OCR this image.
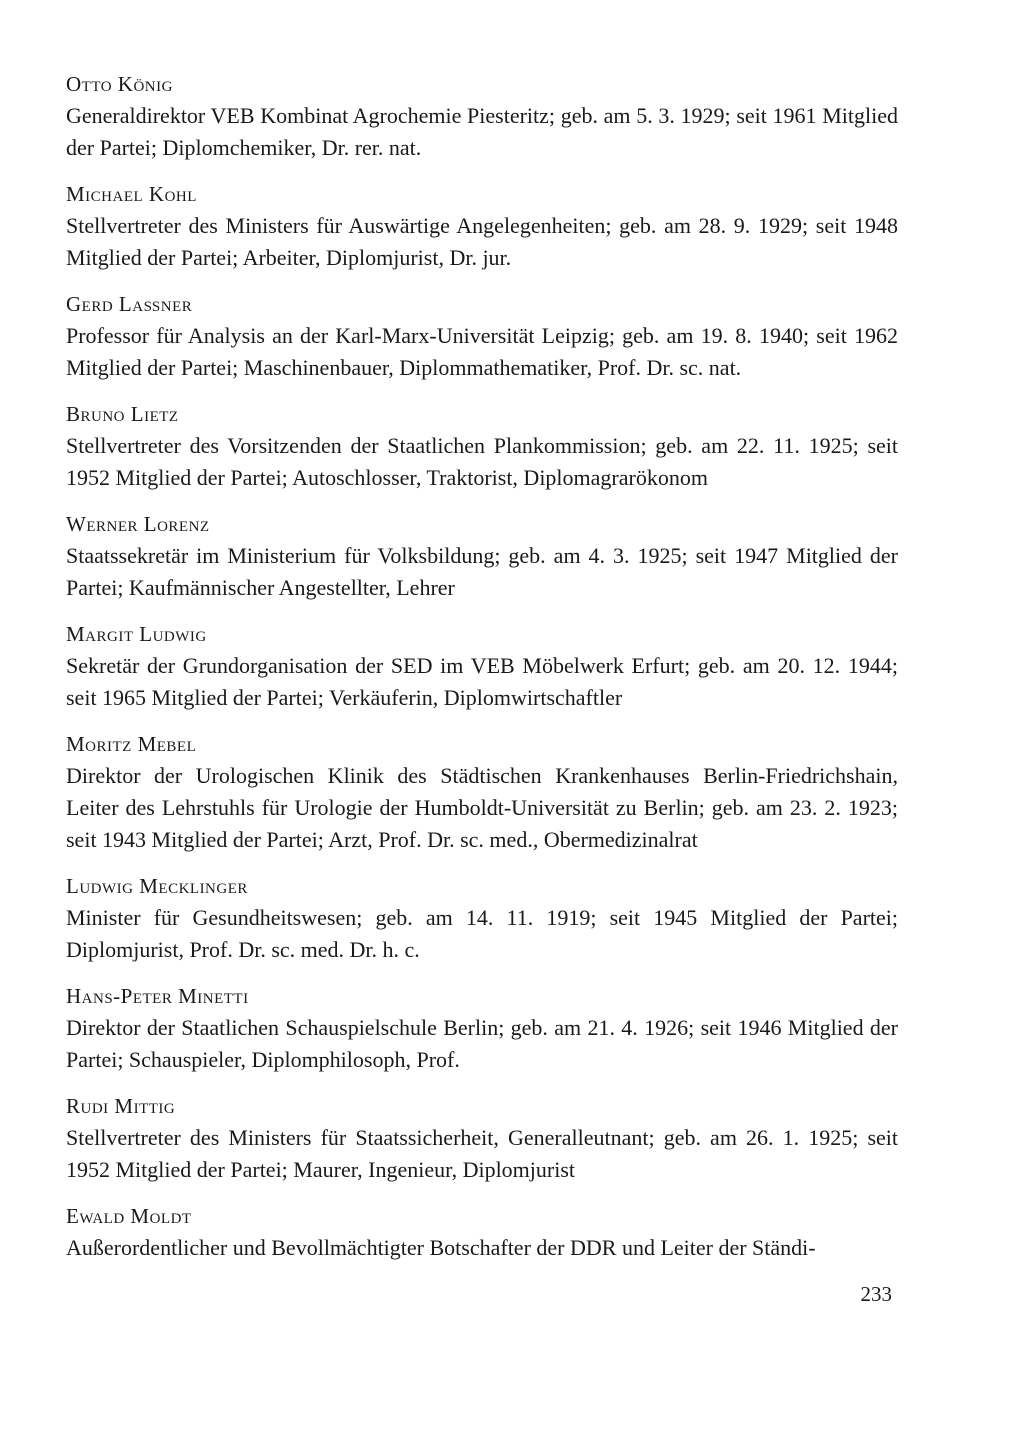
Otto König
Generaldirektor VEB Kombinat Agrochemie Piesteritz; geb. am 5. 3. 1929; seit 1961 Mitglied der Partei; Diplomchemiker, Dr. rer. nat.
Michael Kohl
Stellvertreter des Ministers für Auswärtige Angelegenheiten; geb. am 28. 9. 1929; seit 1948 Mitglied der Partei; Arbeiter, Diplomjurist, Dr. jur.
Gerd Laßner
Professor für Analysis an der Karl-Marx-Universität Leipzig; geb. am 19. 8. 1940; seit 1962 Mitglied der Partei; Maschinenbauer, Diplommathematiker, Prof. Dr. sc. nat.
Bruno Lietz
Stellvertreter des Vorsitzenden der Staatlichen Plankommission; geb. am 22. 11. 1925; seit 1952 Mitglied der Partei; Autoschlosser, Traktorist, Diplomagrarökonom
Werner Lorenz
Staatssekretär im Ministerium für Volksbildung; geb. am 4. 3. 1925; seit 1947 Mitglied der Partei; Kaufmännischer Angestellter, Lehrer
Margit Ludwig
Sekretär der Grundorganisation der SED im VEB Möbelwerk Erfurt; geb. am 20. 12. 1944; seit 1965 Mitglied der Partei; Verkäuferin, Diplomwirtschaftler
Moritz Mebel
Direktor der Urologischen Klinik des Städtischen Krankenhauses Berlin-Friedrichshain, Leiter des Lehrstuhls für Urologie der Humboldt-Universität zu Berlin; geb. am 23. 2. 1923; seit 1943 Mitglied der Partei; Arzt, Prof. Dr. sc. med., Obermedizinalrat
Ludwig Mecklinger
Minister für Gesundheitswesen; geb. am 14. 11. 1919; seit 1945 Mitglied der Partei; Diplomjurist, Prof. Dr. sc. med. Dr. h. c.
Hans-Peter Minetti
Direktor der Staatlichen Schauspielschule Berlin; geb. am 21. 4. 1926; seit 1946 Mitglied der Partei; Schauspieler, Diplomphilosoph, Prof.
Rudi Mittig
Stellvertreter des Ministers für Staatssicherheit, Generalleutnant; geb. am 26. 1. 1925; seit 1952 Mitglied der Partei; Maurer, Ingenieur, Diplomjurist
Ewald Moldt
Außerordentlicher und Bevollmächtigter Botschafter der DDR und Leiter der Ständi-
233
